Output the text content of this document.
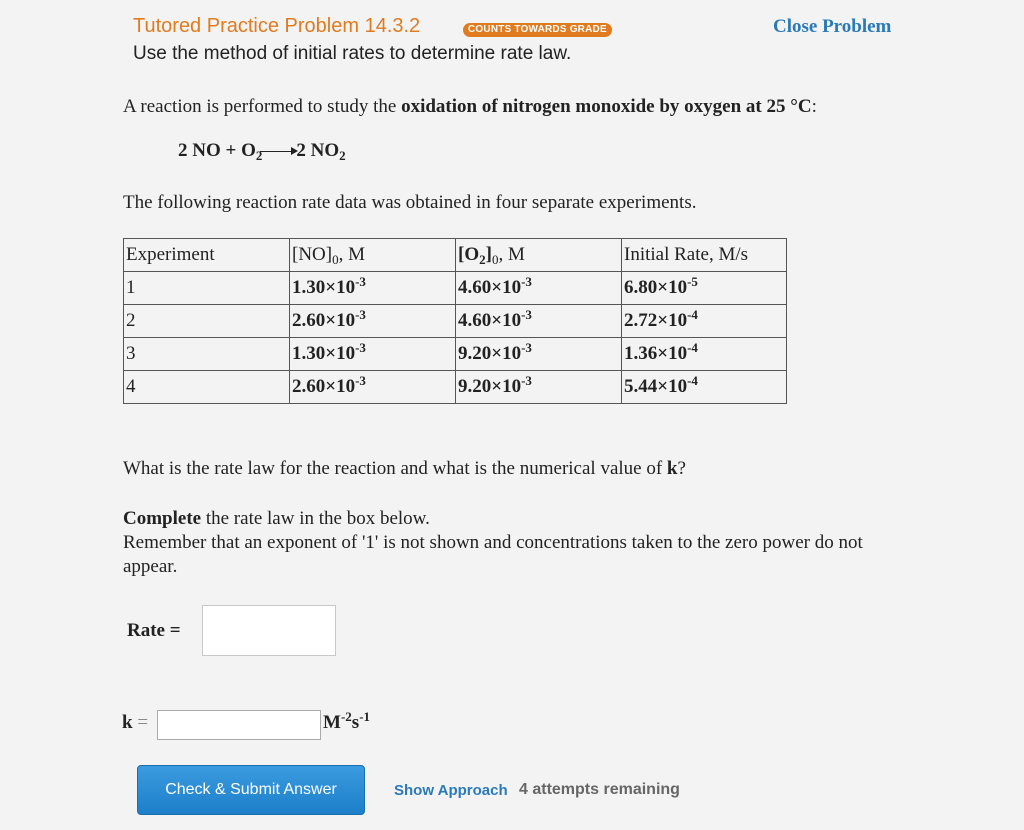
Tutored Practice Problem 14.3.2	COUNTS TOWARDS GRADE
Use the method of initial rates to determine rate law.
Close Problem
A reaction is performed to study the oxidation of nitrogen monoxide by oxygen at 25 °C:
2 NO + $O_2 \to 2$ $NO_2$
The following reaction rate data was obtained in four separate experiments.
Experiment	$[NO]_0$, M	$[O_2]_0$, M	Initial Rate, M/s
1	$1.30\times 10^{-3}$	$4.60\times 10^{-3}$	$6.80\times 10^{-5}$
2	$2.60\times 10^{-3}$	$4.60\times 10^{-3}$	$2.72\times 10^{-4}$
3	$1.30\times 10^{-3}$	$9.20\times 10^{-3}$	$1.36\times 10^{-4}$
4	$2.60\times 10^{-3}$	$9.20\times 10^{-3}$	$5.44\times 10^{-4}$
What is the rate law for the reaction and what is the numerical value of k?
Complete the rate law in the box below.
Remember that an exponent of '1' is not shown and concentrations taken to the zero power do not appear.
Rate =
k =	$M^{-2}s^{-1}$
Check & Submit Answer	Show Approach 4 attempts remaining
